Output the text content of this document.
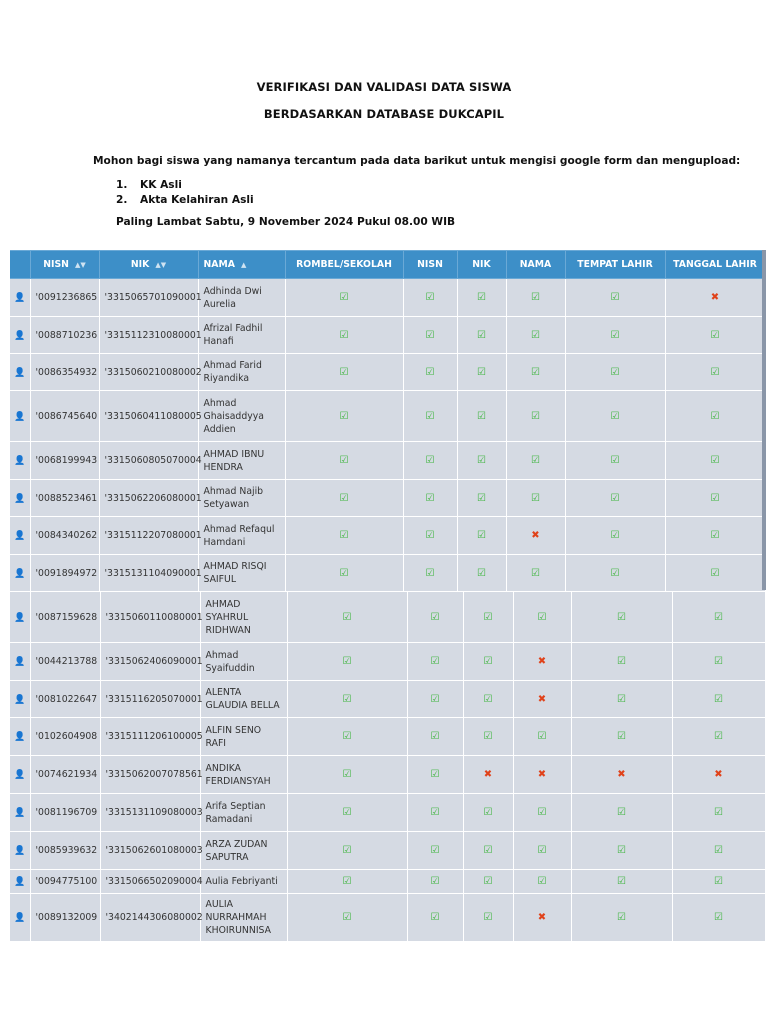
VERIFIKASI DAN VALIDASI DATA SISWA
BERDASARKAN DATABASE DUKCAPIL
Mohon bagi siswa yang namanya tercantum pada data barikut untuk mengisi google form dan mengupload:
1. KK Asli
2. Akta Kelahiran Asli
Paling Lambat Sabtu, 9 November 2024 Pukul 08.00 WIB
	NISN ▲▼	NIK ▲▼	NAMA ▲	ROMBEL/SEKOLAH	NISN	NIK	NAMA	TEMPAT LAHIR	TANGGAL LAHIR
👤	'0091236865	'3315065701090001	Adhinda Dwi Aurelia	☑	☑	☑	☑	☑	✖
👤	'0088710236	'3315112310080001	Afrizal Fadhil Hanafi	☑	☑	☑	☑	☑	☑
👤	'0086354932	'3315060210080002	Ahmad Farid Riyandika	☑	☑	☑	☑	☑	☑
👤	'0086745640	'3315060411080005	Ahmad Ghaisaddyya Addien	☑	☑	☑	☑	☑	☑
👤	'0068199943	'3315060805070004	AHMAD IBNU HENDRA	☑	☑	☑	☑	☑	☑
👤	'0088523461	'3315062206080001	Ahmad Najib Setyawan	☑	☑	☑	☑	☑	☑
👤	'0084340262	'3315112207080001	Ahmad Refaqul Hamdani	☑	☑	☑	✖	☑	☑
👤	'0091894972	'3315131104090001	AHMAD RISQI SAIFUL	☑	☑	☑	☑	☑	☑
👤	'0087159628	'3315060110080001	AHMAD SYAHRUL RIDHWAN	☑	☑	☑	☑	☑	☑
👤	'0044213788	'3315062406090001	Ahmad Syaifuddin	☑	☑	☑	✖	☑	☑
👤	'0081022647	'3315116205070001	ALENTA GLAUDIA BELLA	☑	☑	☑	✖	☑	☑
👤	'0102604908	'3315111206100005	ALFIN SENO RAFI	☑	☑	☑	☑	☑	☑
👤	'0074621934	'3315062007078561	ANDIKA FERDIANSYAH	☑	☑	✖	✖	✖	✖
👤	'0081196709	'3315131109080003	Arifa Septian Ramadani	☑	☑	☑	☑	☑	☑
👤	'0085939632	'3315062601080003	ARZA ZUDAN SAPUTRA	☑	☑	☑	☑	☑	☑
👤	'0094775100	'3315066502090004	Aulia Febriyanti	☑	☑	☑	☑	☑	☑
👤	'0089132009	'3402144306080002	AULIA NURRAHMAH KHOIRUNNISA	☑	☑	☑	✖	☑	☑
